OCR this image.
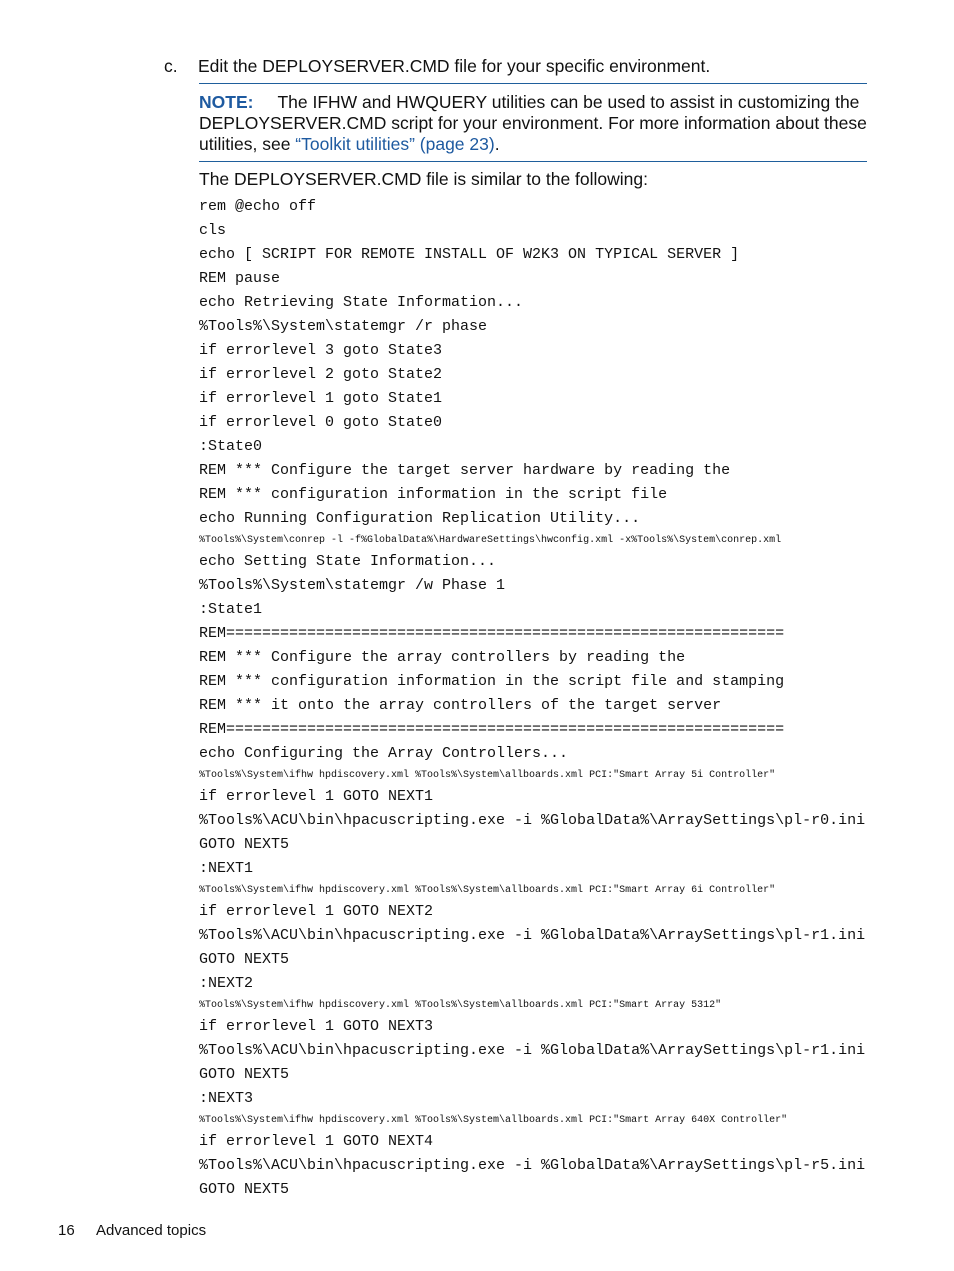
c. Edit the DEPLOYSERVER.CMD file for your specific environment.
NOTE: The IFHW and HWQUERY utilities can be used to assist in customizing the DEPLOYSERVER.CMD script for your environment. For more information about these utilities, see “Toolkit utilities” (page 23).
The DEPLOYSERVER.CMD file is similar to the following:
rem @echo off
cls
echo [ SCRIPT FOR REMOTE INSTALL OF W2K3 ON TYPICAL SERVER ]
REM pause
echo Retrieving State Information...
%Tools%\System\statemgr /r phase
if errorlevel 3 goto State3
if errorlevel 2 goto State2
if errorlevel 1 goto State1
if errorlevel 0 goto State0
:State0
REM *** Configure the target server hardware by reading the
REM *** configuration information in the script file
echo Running Configuration Replication Utility...
%Tools%\System\conrep -l -f%GlobalData%\HardwareSettings\hwconfig.xml -x%Tools%\System\conrep.xml
echo Setting State Information...
%Tools%\System\statemgr /w Phase 1
:State1
REM==============================================================
REM *** Configure the array controllers by reading the
REM *** configuration information in the script file and stamping
REM *** it onto the array controllers of the target server
REM==============================================================
echo Configuring the Array Controllers...
%Tools%\System\ifhw hpdiscovery.xml %Tools%\System\allboards.xml PCI:"Smart Array 5i Controller"
if errorlevel 1 GOTO NEXT1
%Tools%\ACU\bin\hpacuscripting.exe -i %GlobalData%\ArraySettings\pl-r0.ini
GOTO NEXT5
:NEXT1
%Tools%\System\ifhw hpdiscovery.xml %Tools%\System\allboards.xml PCI:"Smart Array 6i Controller"
if errorlevel 1 GOTO NEXT2
%Tools%\ACU\bin\hpacuscripting.exe -i %GlobalData%\ArraySettings\pl-r1.ini
GOTO NEXT5
:NEXT2
%Tools%\System\ifhw hpdiscovery.xml %Tools%\System\allboards.xml PCI:"Smart Array 5312"
if errorlevel 1 GOTO NEXT3
%Tools%\ACU\bin\hpacuscripting.exe -i %GlobalData%\ArraySettings\pl-r1.ini
GOTO NEXT5
:NEXT3
%Tools%\System\ifhw hpdiscovery.xml %Tools%\System\allboards.xml PCI:"Smart Array 640X Controller"
if errorlevel 1 GOTO NEXT4
%Tools%\ACU\bin\hpacuscripting.exe -i %GlobalData%\ArraySettings\pl-r5.ini
GOTO NEXT5
16 Advanced topics
